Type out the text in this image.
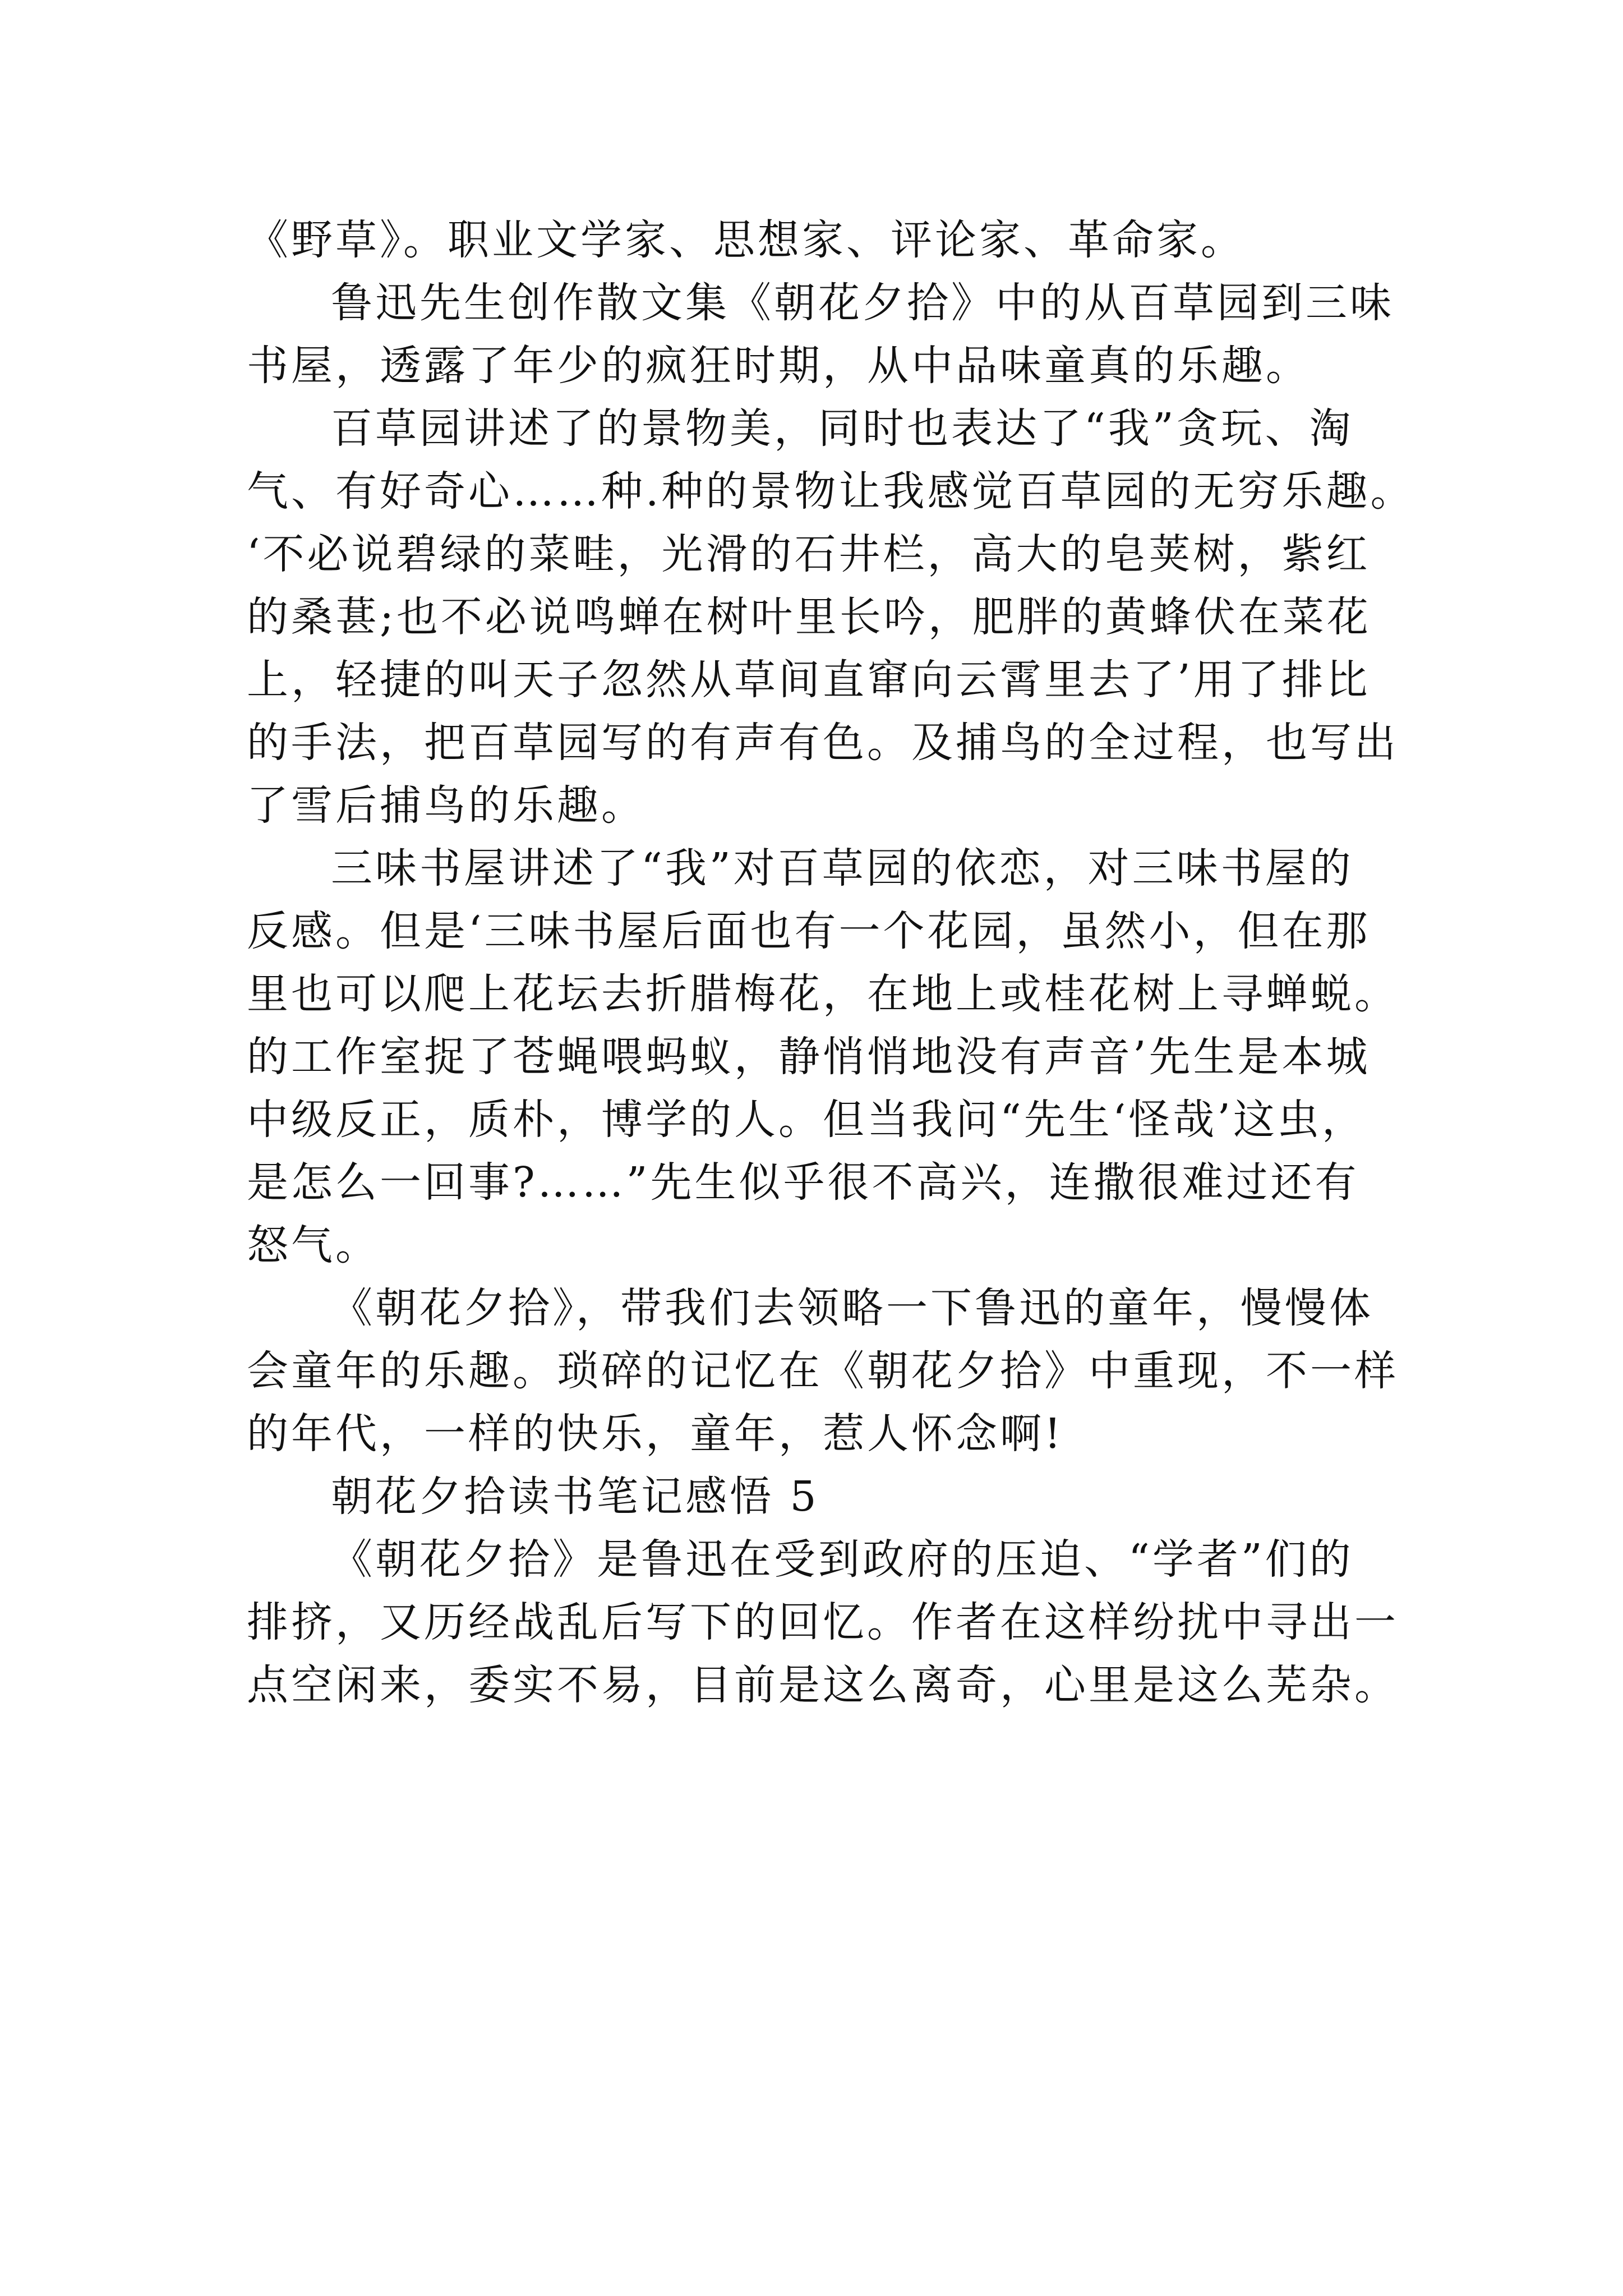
《野草》。职业文学家、思想家、评论家、革命家。
鲁迅先生创作散文集《朝花夕拾》中的从百草园到三味
书屋，透露了年少的疯狂时期，从中品味童真的乐趣。
百草园讲述了的景物美，同时也表达了“我”贪玩、淘
气、有好奇心……种.种的景物让我感觉百草园的无穷乐趣。
‘不必说碧绿的菜畦，光滑的石井栏，高大的皂荚树，紫红
的桑葚;也不必说鸣蝉在树叶里长吟，肥胖的黄蜂伏在菜花
上，轻捷的叫天子忽然从草间直窜向云霄里去了’用了排比
的手法，把百草园写的有声有色。及捕鸟的全过程，也写出
了雪后捕鸟的乐趣。
三味书屋讲述了“我”对百草园的依恋，对三味书屋的
反感。但是‘三味书屋后面也有一个花园，虽然小，但在那
里也可以爬上花坛去折腊梅花，在地上或桂花树上寻蝉蜕。
的工作室捉了苍蝇喂蚂蚁，静悄悄地没有声音’先生是本城
中级反正，质朴，博学的人。但当我问“先生‘怪哉’这虫，
是怎么一回事?……”先生似乎很不高兴，连撒很难过还有
怒气。
《朝花夕拾》，带我们去领略一下鲁迅的童年，慢慢体
会童年的乐趣。琐碎的记忆在《朝花夕拾》中重现，不一样
的年代，一样的快乐，童年，惹人怀念啊!
朝花夕拾读书笔记感悟 5
《朝花夕拾》是鲁迅在受到政府的压迫、“学者”们的
排挤，又历经战乱后写下的回忆。作者在这样纷扰中寻出一
点空闲来，委实不易，目前是这么离奇，心里是这么芜杂。
